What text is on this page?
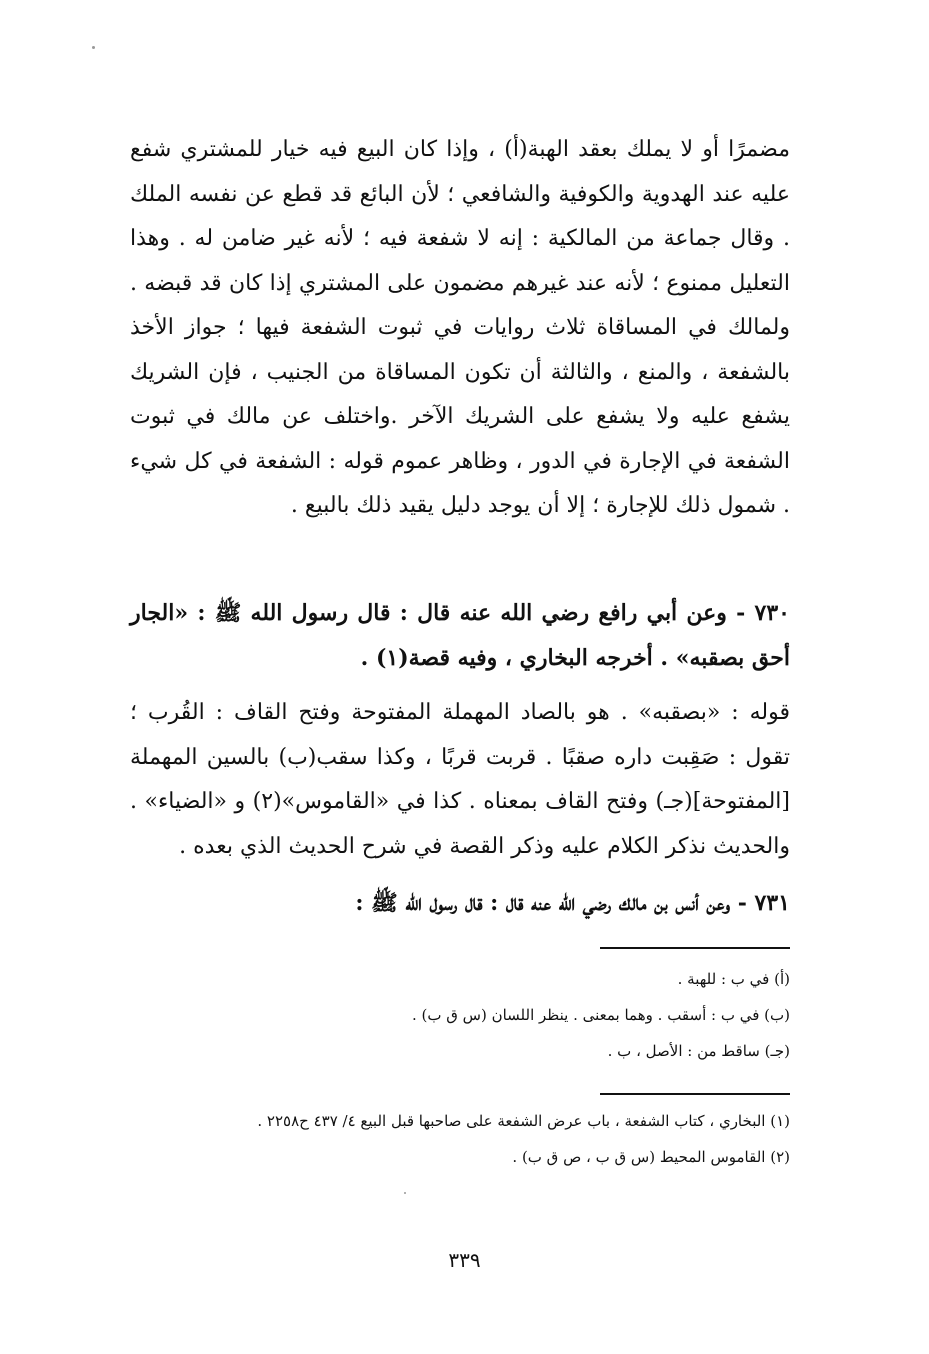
مضمرًا أو لا يملك بعقد الهبة(أ) ، وإذا كان البيع فيه خيار للمشتري شفع عليه عند الهدوية والكوفية والشافعي ؛ لأن البائع قد قطع عن نفسه الملك . وقال جماعة من المالكية : إنه لا شفعة فيه ؛ لأنه غير ضامن له . وهذا التعليل ممنوع ؛ لأنه عند غيرهم مضمون على المشتري إذا كان قد قبضه . ولمالك في المساقاة ثلاث روايات في ثبوت الشفعة فيها ؛ جواز الأخذ بالشفعة ، والمنع ، والثالثة أن تكون المساقاة من الجنيب ، فإن الشريك يشفع عليه ولا يشفع على الشريك الآخر .واختلف عن مالك في ثبوت الشفعة في الإجارة في الدور ، وظاهر عموم قوله : الشفعة في كل شيء . شمول ذلك للإجارة ؛ إلا أن يوجد دليل يقيد ذلك بالبيع .

٧٣٠ - وعن أبي رافع رضي الله عنه قال : قال رسول الله ﷺ : «الجار أحق بصقبه» . أخرجه البخاري ، وفيه قصة(١) .

قوله : «بصقبه» . هو بالصاد المهملة المفتوحة وفتح القاف : القُرب ؛ تقول : صَقِبت داره صقبًا . قربت قربًا ، وكذا سقب(ب) بالسين المهملة [المفتوحة](جـ) وفتح القاف بمعناه . كذا في «القاموس»(٢) و «الضياء» . والحديث نذكر الكلام عليه وذكر القصة في شرح الحديث الذي بعده .

٧٣١ - وعن أنس بن مالك رضي الله عنه قال : قال رسول الله ﷺ :

(أ) في ب : للهبة .
(ب) في ب : أسقب . وهما بمعنى . ينظر اللسان (س ق ب) .
(جـ) ساقط من : الأصل ، ب .
(١) البخاري ، كتاب الشفعة ، باب عرض الشفعة على صاحبها قبل البيع ٤/ ٤٣٧ ح٢٢٥٨ .
(٢) القاموس المحيط (س ق ب ، ص ق ب) .
٣٣٩
